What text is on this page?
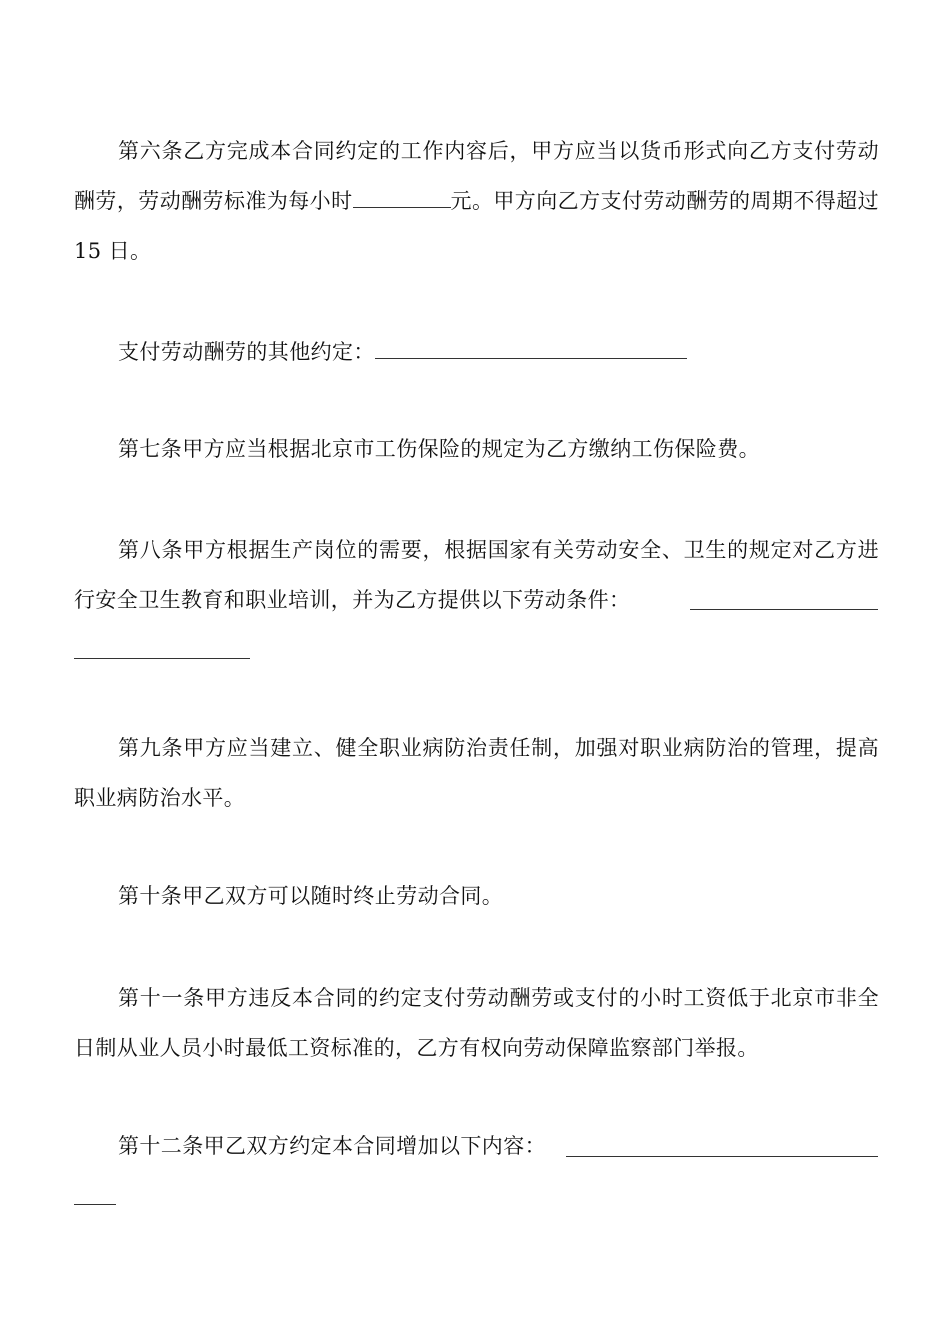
第六条乙方完成本合同约定的工作内容后，甲方应当以货币形式向乙方支付劳动酬劳，劳动酬劳标准为每小时	元。甲方向乙方支付劳动酬劳的周期不得超过 15 日。

支付劳动酬劳的其他约定：

第七条甲方应当根据北京市工伤保险的规定为乙方缴纳工伤保险费。

第八条甲方根据生产岗位的需要，根据国家有关劳动安全、卫生的规定对乙方进行安全卫生教育和职业培训，并为乙方提供以下劳动条件：

第九条甲方应当建立、健全职业病防治责任制，加强对职业病防治的管理，提高职业病防治水平。

第十条甲乙双方可以随时终止劳动合同。

第十一条甲方违反本合同的约定支付劳动酬劳或支付的小时工资低于北京市非全日制从业人员小时最低工资标准的，乙方有权向劳动保障监察部门举报。

第十二条甲乙双方约定本合同增加以下内容：
